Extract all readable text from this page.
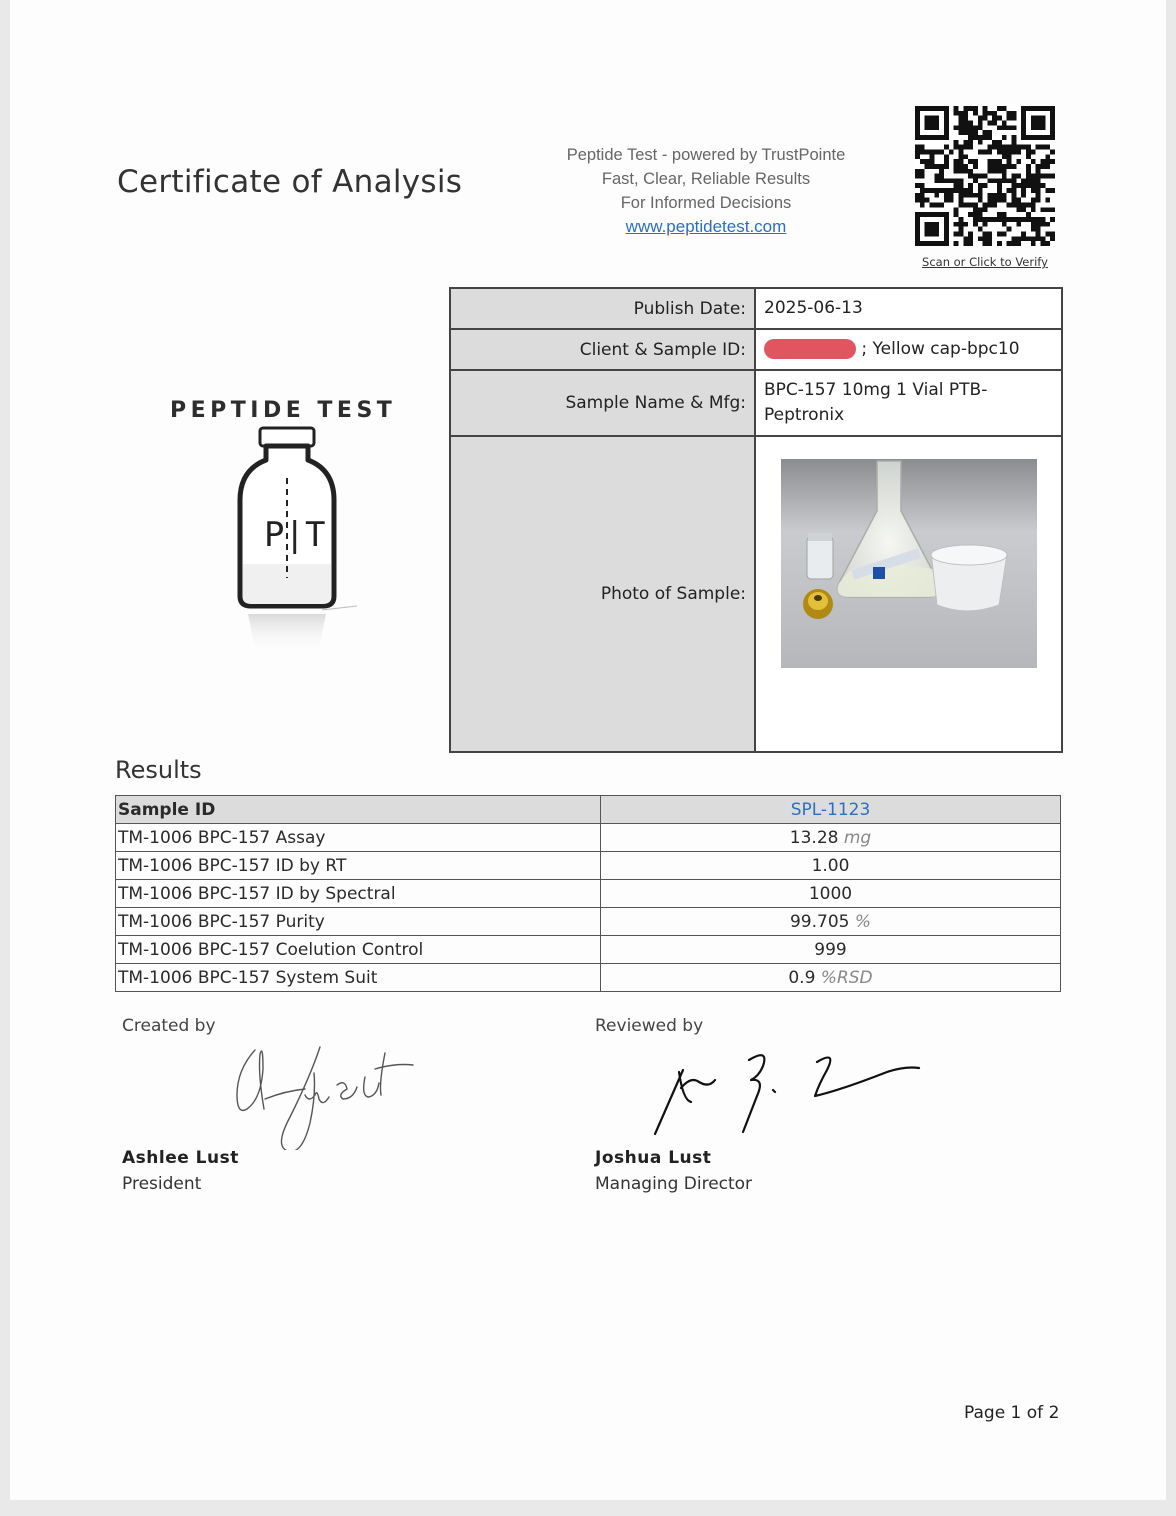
Certificate of Analysis
Peptide Test - powered by TrustPointe
Fast, Clear, Reliable Results
For Informed Decisions
www.peptidetest.com
Scan or Click to Verify
PEPTIDE TEST
P|T
Publish Date:	2025-06-13
Client & Sample ID:	; Yellow cap-bpc10
Sample Name & Mfg:	BPC-157 10mg 1 Vial PTB-Peptronix
Photo of Sample:	
Results
Sample ID	SPL-1123
TM-1006 BPC-157 Assay	13.28 mg
TM-1006 BPC-157 ID by RT	1.00
TM-1006 BPC-157 ID by Spectral	1000
TM-1006 BPC-157 Purity	99.705 %
TM-1006 BPC-157 Coelution Control	999
TM-1006 BPC-157 System Suit	0.9 %RSD
Created by
Ashlee Lust
President
Reviewed by
Joshua Lust
Managing Director
Page 1 of 2
